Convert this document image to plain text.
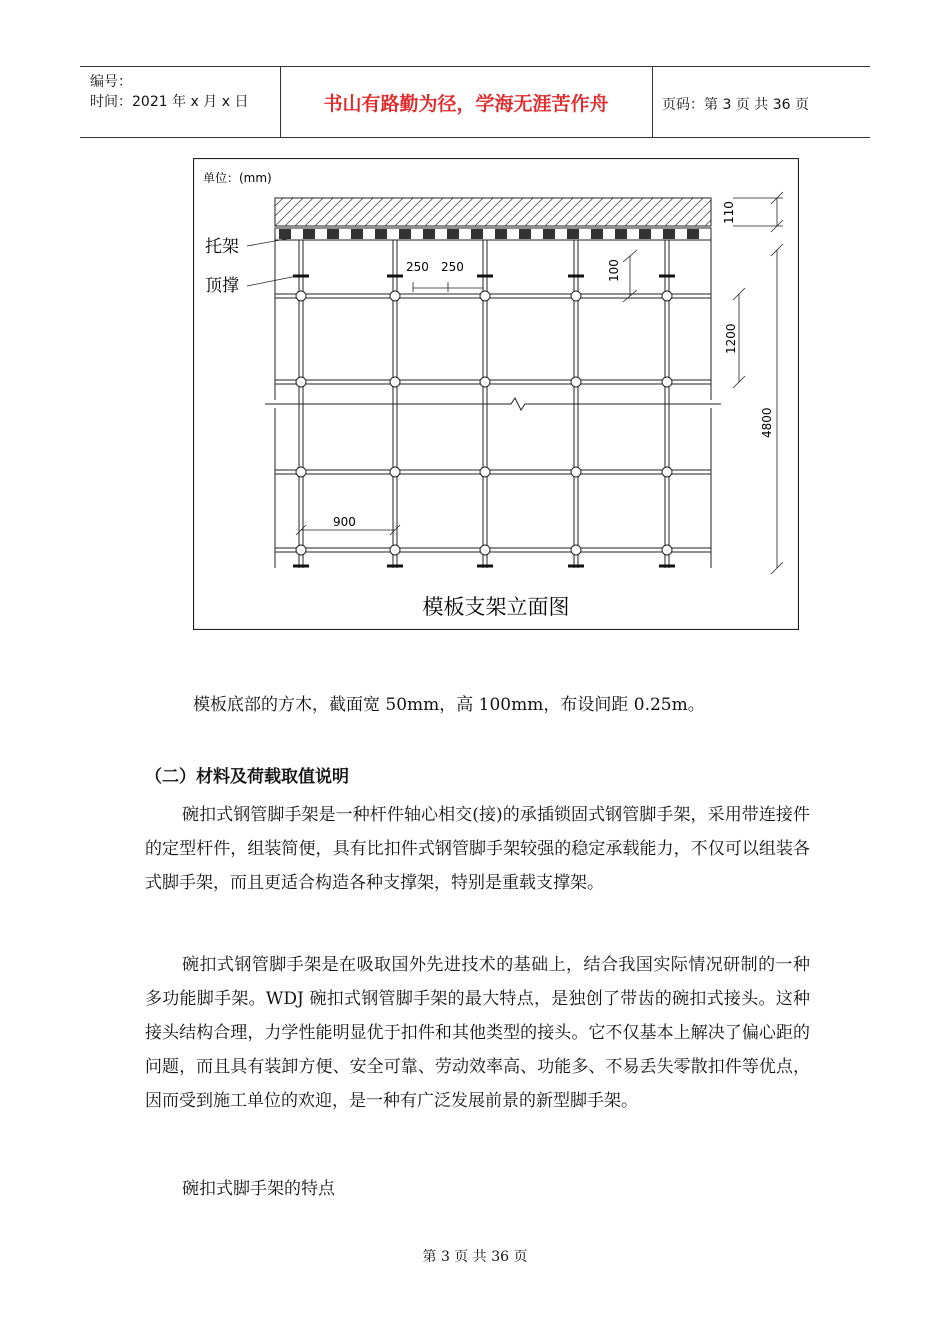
编号：
时间：2021 年 x 月 x 日	书山有路勤为径，学海无涯苦作舟	页码：第 3 页 共 36 页
单位：(mm)
托架
顶撑
250 250	100
110
1200
4800
900
模板支架立面图
模板底部的方木，截面宽 50mm，高 100mm，布设间距 0.25m。
（二）材料及荷载取值说明
碗扣式钢管脚手架是一种杆件轴心相交(接)的承插锁固式钢管脚手架，采用带连接件的定型杆件，组装简便，具有比扣件式钢管脚手架较强的稳定承载能力，不仅可以组装各式脚手架，而且更适合构造各种支撑架，特别是重载支撑架。
碗扣式钢管脚手架是在吸取国外先进技术的基础上，结合我国实际情况研制的一种多功能脚手架。WDJ 碗扣式钢管脚手架的最大特点，是独创了带齿的碗扣式接头。这种接头结构合理，力学性能明显优于扣件和其他类型的接头。它不仅基本上解决了偏心距的问题，而且具有装卸方便、安全可靠、劳动效率高、功能多、不易丢失零散扣件等优点，因而受到施工单位的欢迎，是一种有广泛发展前景的新型脚手架。
碗扣式脚手架的特点
第 3 页 共 36 页
